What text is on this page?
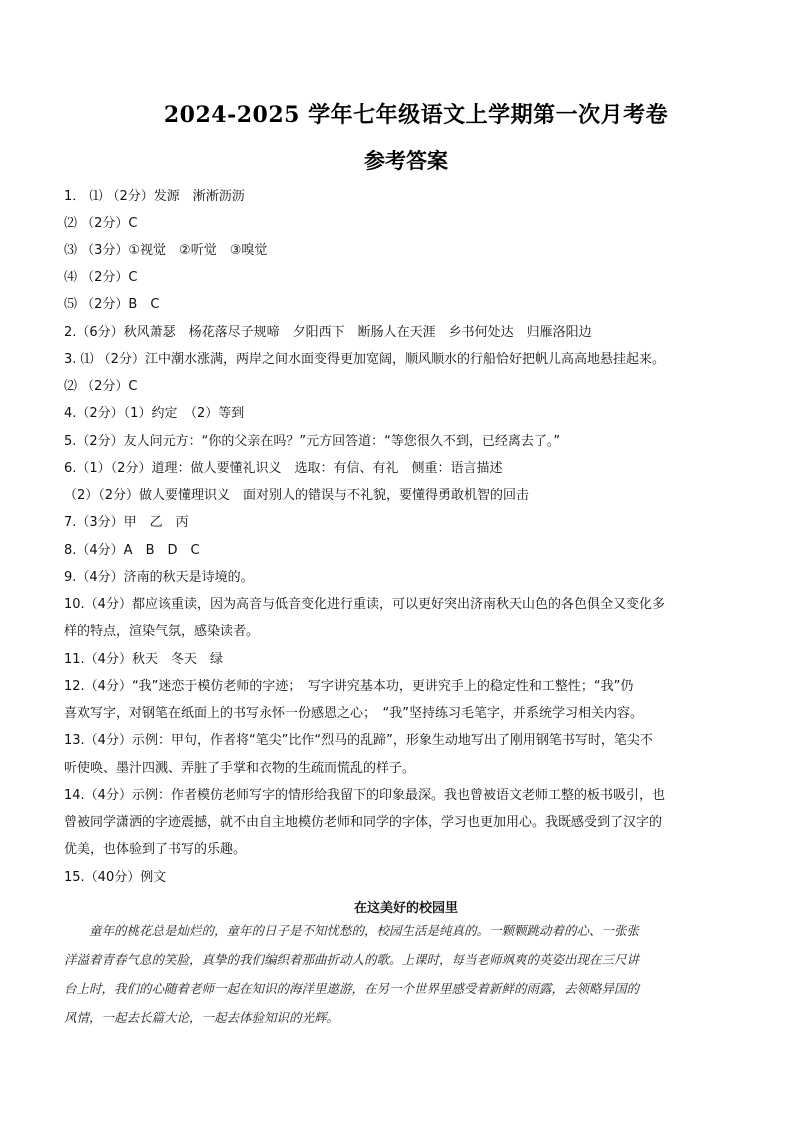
2024-2025 学年七年级语文上学期第一次月考卷
参考答案
1． ⑴ （2分）发源　淅淅沥沥
⑵ （2分）C
⑶ （3分）①视觉　②听觉　③嗅觉
⑷ （2分）C
⑸ （2分）B　C
2.（6分）秋风萧瑟　杨花落尽子规啼　夕阳西下　断肠人在天涯　乡书何处达　归雁洛阳边
3. ⑴ （2分）江中潮水涨满，两岸之间水面变得更加宽阔，顺风顺水的行船恰好把帆儿高高地悬挂起来。
⑵ （2分）C
4.（2分）（1）约定　（2）等到
5.（2分）友人问元方：“你的父亲在吗？”元方回答道：“等您很久不到，已经离去了。”
6.（1）（2分）道理：做人要懂礼识义　选取：有信、有礼　侧重：语言描述
（2）（2分）做人要懂理识义　面对别人的错误与不礼貌，要懂得勇敢机智的回击
7.（3分）甲　乙　丙
8.（4分）A　B　D　C
9.（4分）济南的秋天是诗境的。
10.（4分）都应该重读，因为高音与低音变化进行重读，可以更好突出济南秋天山色的各色俱全又变化多
样的特点，渲染气氛，感染读者。
11.（4分）秋天　冬天　绿
12.（4分）“我”迷恋于模仿老师的字迹；　写字讲究基本功，更讲究手上的稳定性和工整性；“我”仍
喜欢写字，对钢笔在纸面上的书写永怀一份感恩之心；　“我”坚持练习毛笔字，并系统学习相关内容。
13.（4分）示例：甲句，作者将“笔尖”比作“烈马的乱蹄”，形象生动地写出了刚用钢笔书写时，笔尖不
听使唤、墨汁四溅、弄脏了手掌和衣物的生疏而慌乱的样子。
14.（4分）示例：作者模仿老师写字的情形给我留下的印象最深。我也曾被语文老师工整的板书吸引，也
曾被同学潇洒的字迹震撼，就不由自主地模仿老师和同学的字体，学习也更加用心。我既感受到了汉字的
优美，也体验到了书写的乐趣。
15.（40分）例文
在这美好的校园里
　　童年的桃花总是灿烂的，童年的日子是不知忧愁的，校园生活是纯真的。一颗颗跳动着的心、一张张
洋溢着青春气息的笑脸，真挚的我们编织着那曲折动人的歌。上课时，每当老师飒爽的英姿出现在三尺讲
台上时，我们的心随着老师一起在知识的海洋里遨游，在另一个世界里感受着新鲜的雨露，去领略异国的
风情，一起去长篇大论，一起去体验知识的光辉。
